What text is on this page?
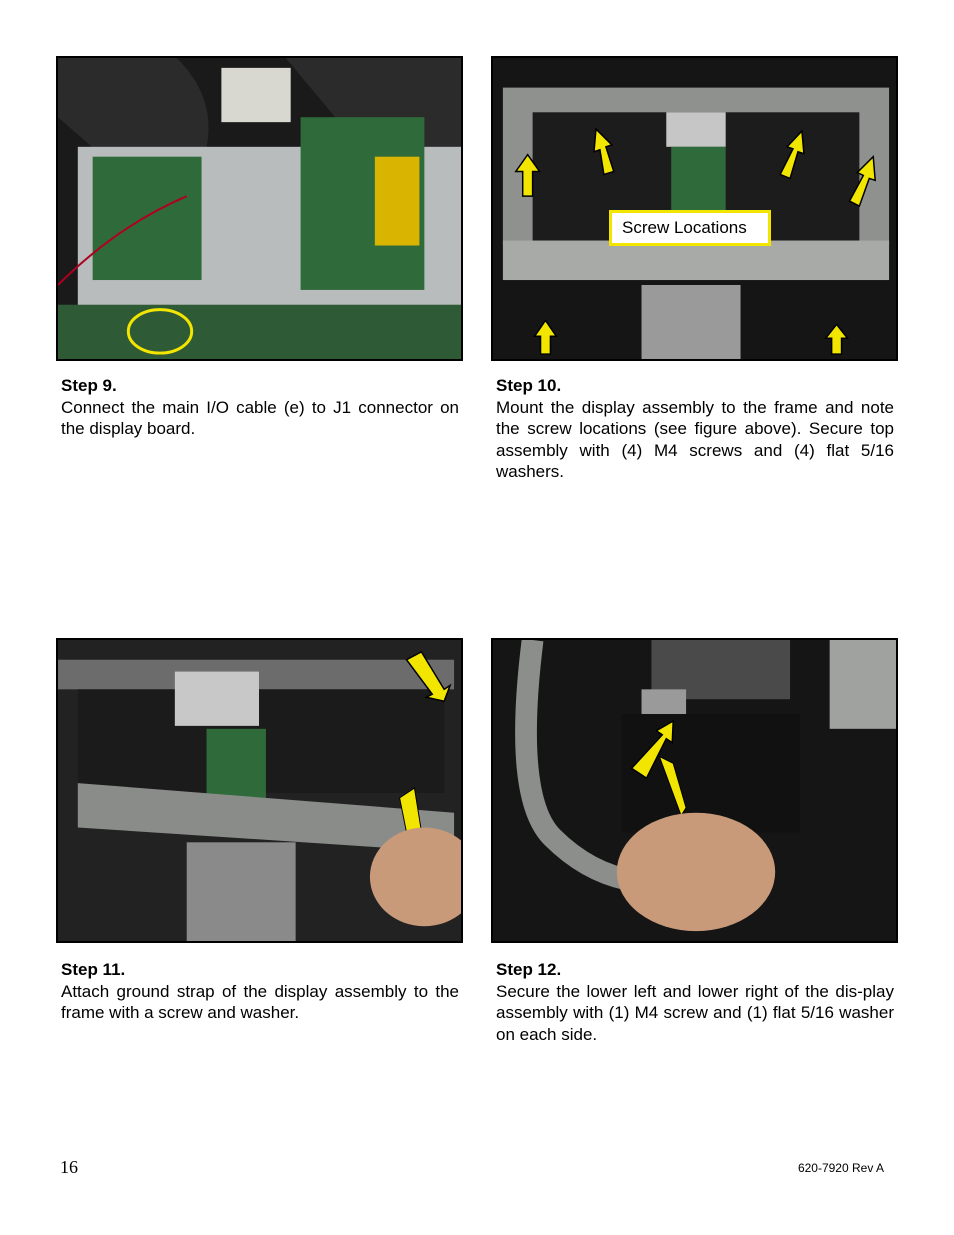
Screw Locations
Step 9.
Connect the main I/O cable (e) to J1 connector on the display board.
Step 10.
Mount the display assembly to the frame and note the screw locations (see figure above). Secure top assembly with (4) M4 screws and (4) flat 5/16 washers.
Step 11.
Attach ground strap of the display assembly to the frame with a screw and washer.
Step 12.
Secure the lower left and lower right of the dis-play assembly with (1) M4 screw and (1) flat 5/16 washer on each side.
16	620-7920 Rev A
